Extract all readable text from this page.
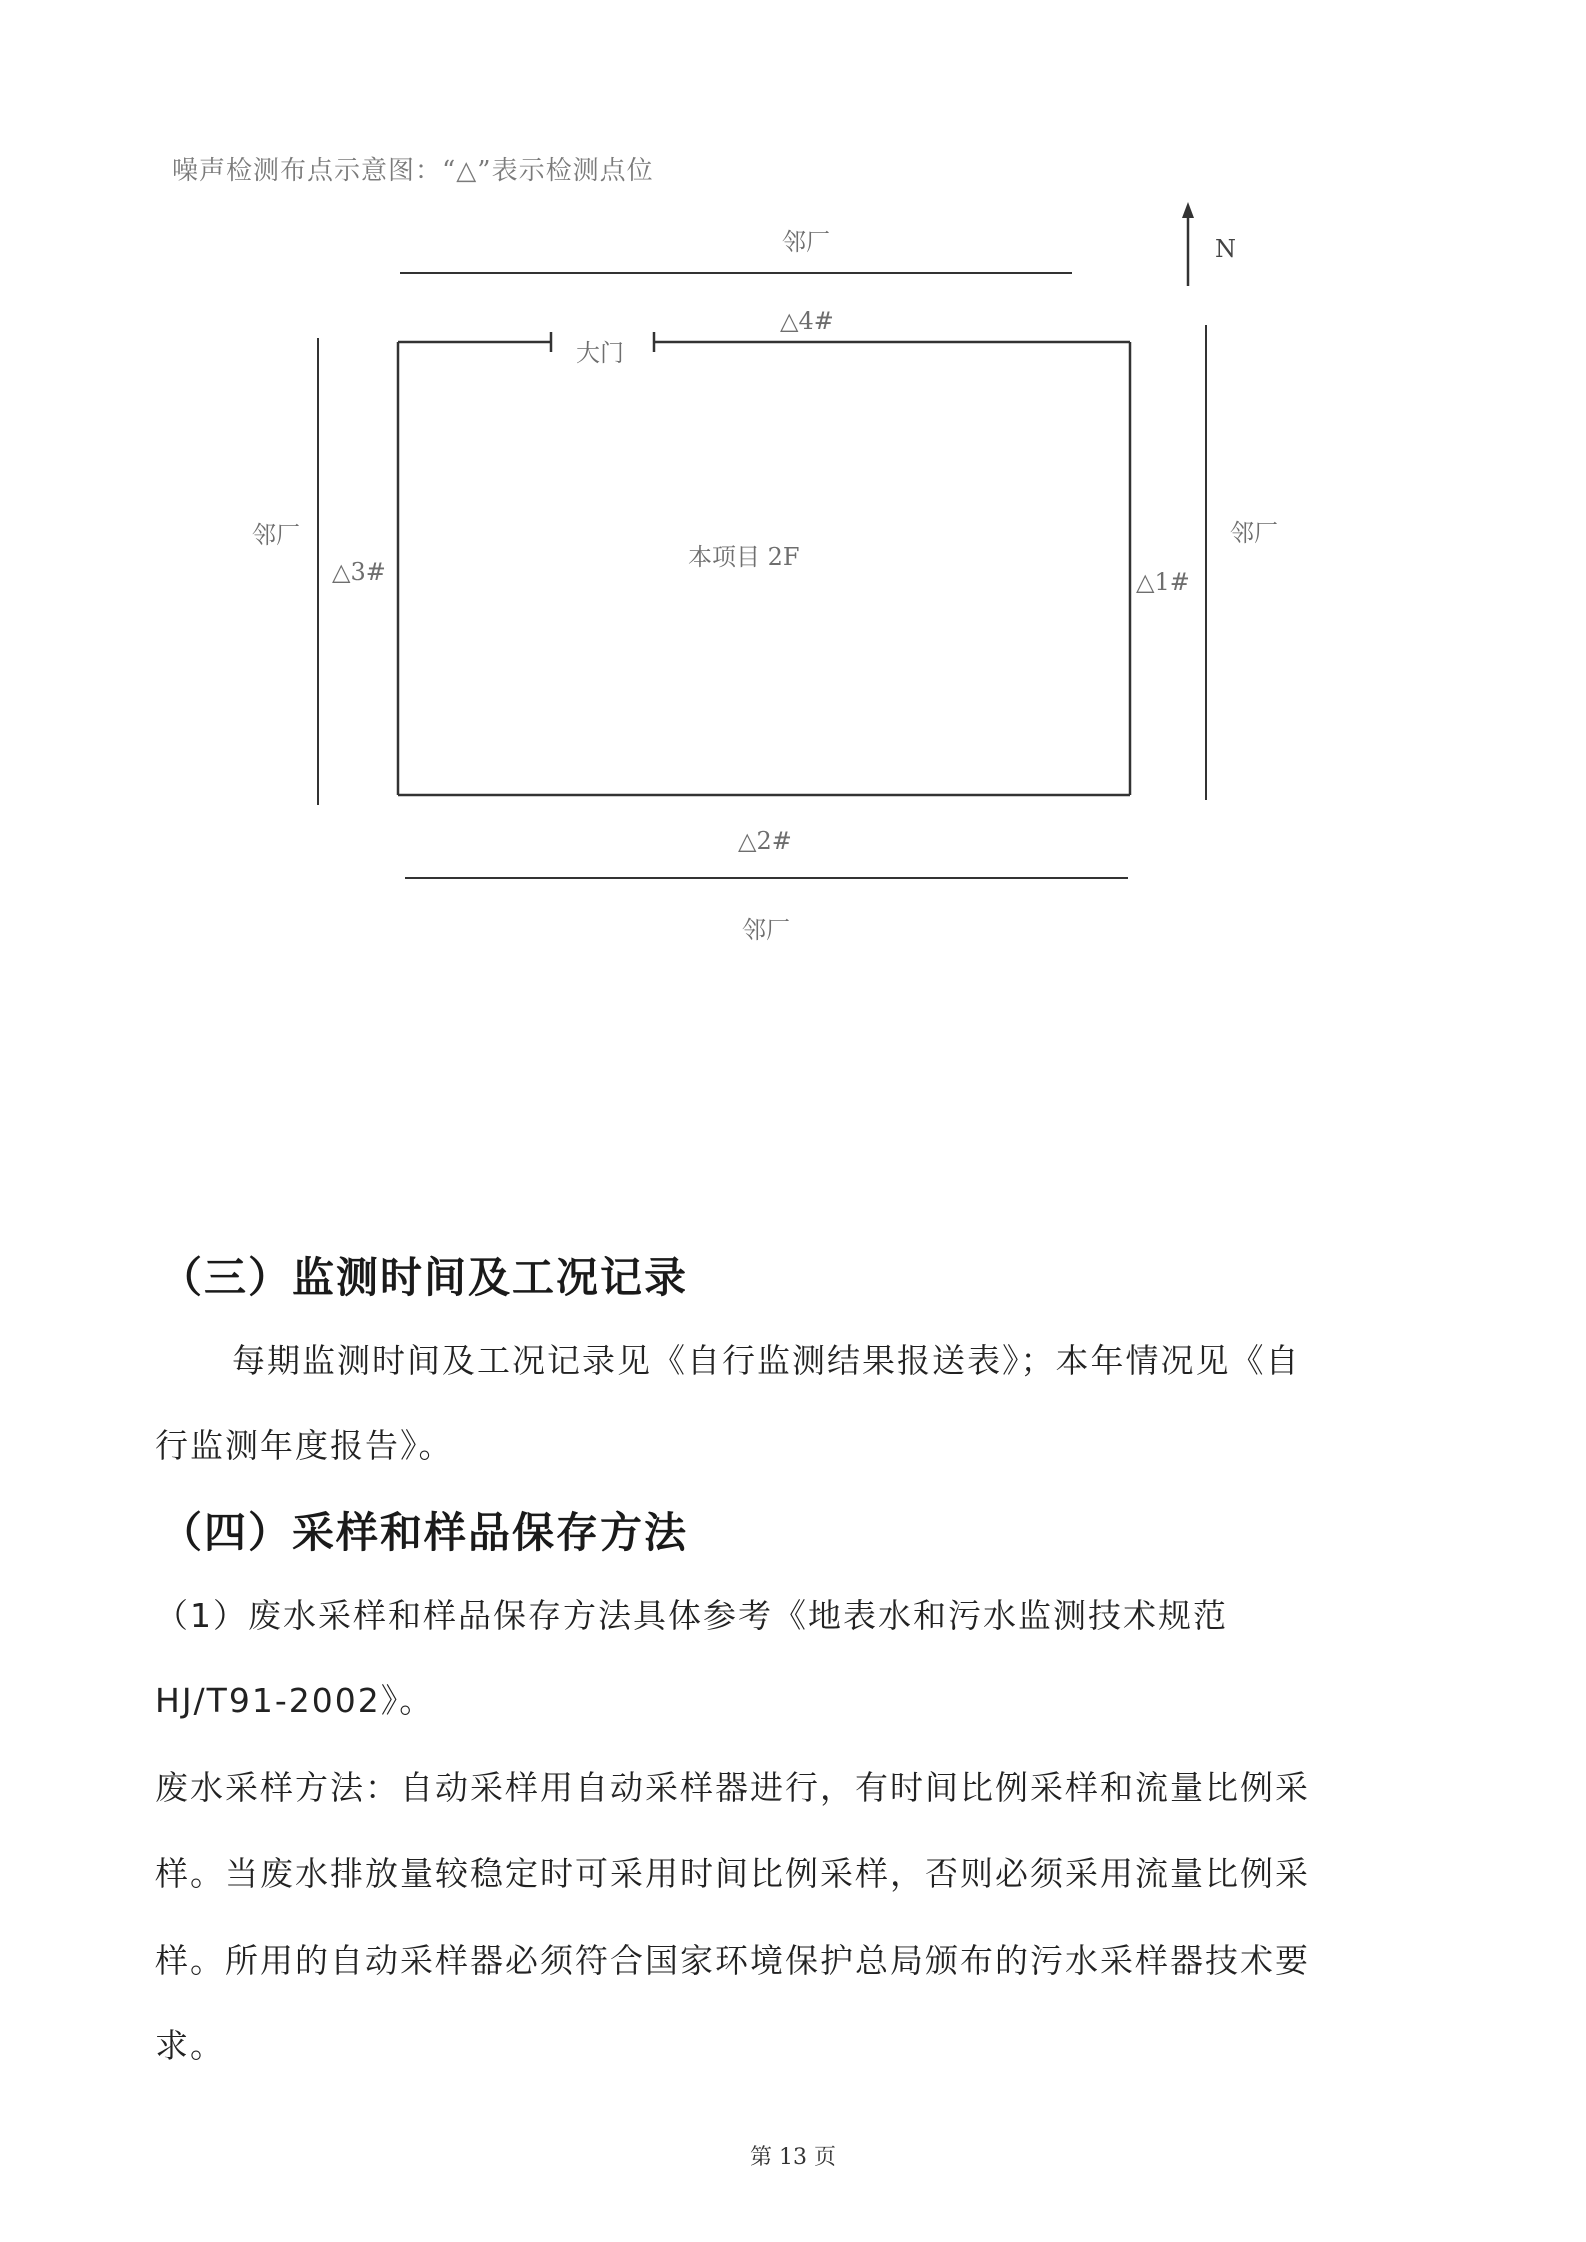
噪声检测布点示意图：“△”表示检测点位
N
邻厂
邻厂	邻厂
邻厂
大门
本项目 2F
△4#
△1#
△3#
△2#
（三）监测时间及工况记录
每期监测时间及工况记录见《自行监测结果报送表》；本年情况见《自
行监测年度报告》。
（四）采样和样品保存方法
（1）废水采样和样品保存方法具体参考《地表水和污水监测技术规范
HJ/T91-2002》。
废水采样方法：自动采样用自动采样器进行，有时间比例采样和流量比例采
样。当废水排放量较稳定时可采用时间比例采样，否则必须采用流量比例采
样。所用的自动采样器必须符合国家环境保护总局颁布的污水采样器技术要
求。
第 13 页
